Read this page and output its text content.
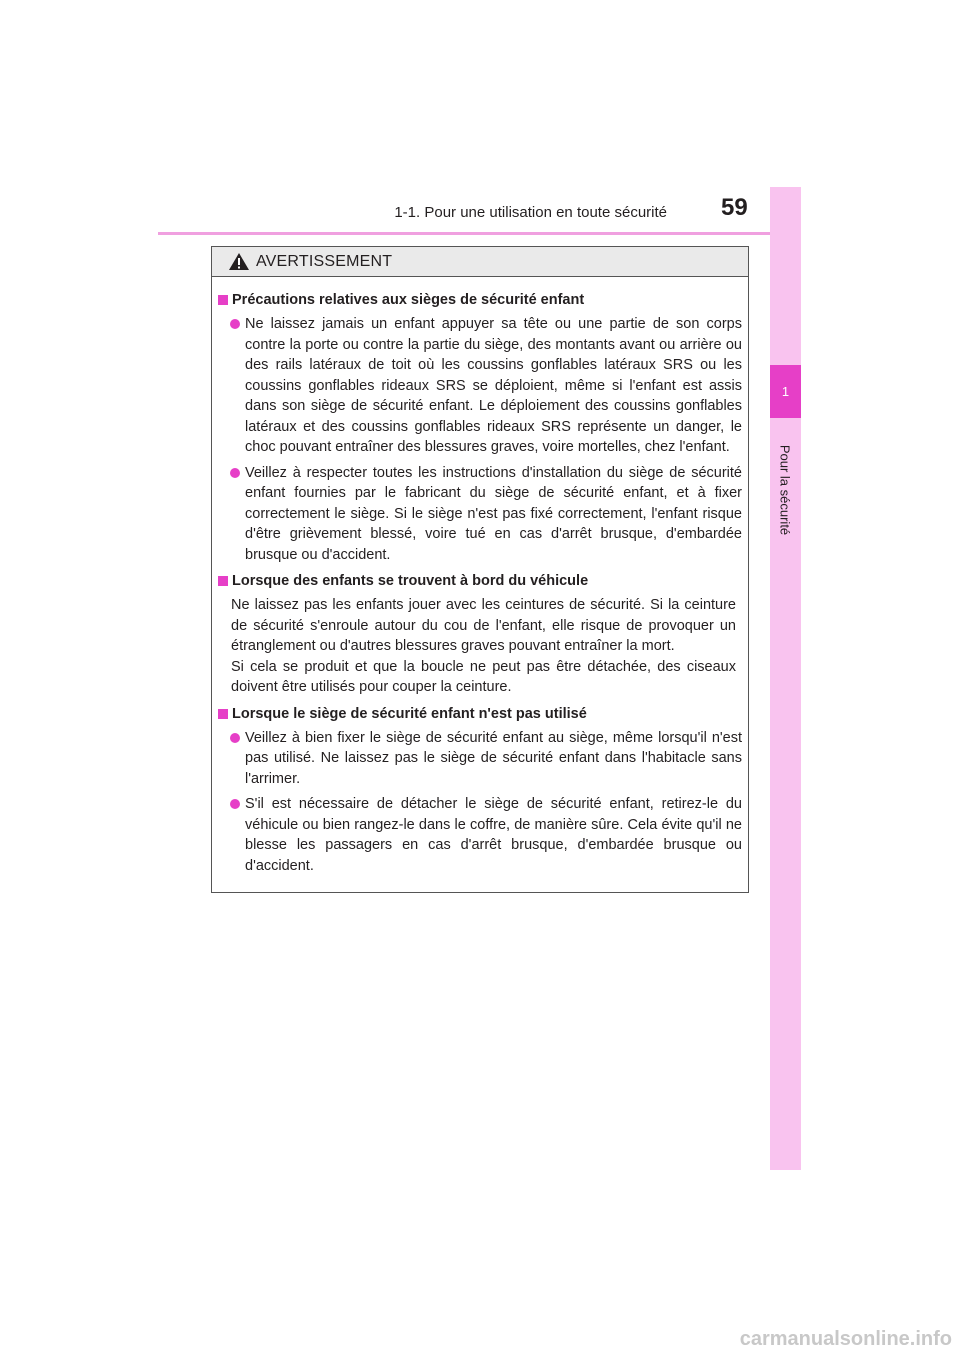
1-1. Pour une utilisation en toute sécurité 59
1
Pour la sécurité
AVERTISSEMENT
Précautions relatives aux sièges de sécurité enfant

Ne laissez jamais un enfant appuyer sa tête ou une partie de son corps contre la porte ou contre la partie du siège, des montants avant ou arrière ou des rails latéraux de toit où les coussins gonflables latéraux SRS ou les coussins gonflables rideaux SRS se déploient, même si l'enfant est assis dans son siège de sécurité enfant. Le déploiement des coussins gonflables latéraux et des coussins gonflables rideaux SRS représente un danger, le choc pouvant entraîner des blessures graves, voire mortelles, chez l'enfant.

Veillez à respecter toutes les instructions d'installation du siège de sécurité enfant fournies par le fabricant du siège de sécurité enfant, et à fixer correctement le siège. Si le siège n'est pas fixé correctement, l'enfant risque d'être grièvement blessé, voire tué en cas d'arrêt brusque, d'embardée brusque ou d'accident.

Lorsque des enfants se trouvent à bord du véhicule

Ne laissez pas les enfants jouer avec les ceintures de sécurité. Si la ceinture de sécurité s'enroule autour du cou de l'enfant, elle risque de provoquer un étranglement ou d'autres blessures graves pouvant entraîner la mort.

Si cela se produit et que la boucle ne peut pas être détachée, des ciseaux doivent être utilisés pour couper la ceinture.

Lorsque le siège de sécurité enfant n'est pas utilisé

Veillez à bien fixer le siège de sécurité enfant au siège, même lorsqu'il n'est pas utilisé. Ne laissez pas le siège de sécurité enfant dans l'habitacle sans l'arrimer.

S'il est nécessaire de détacher le siège de sécurité enfant, retirez-le du véhicule ou bien rangez-le dans le coffre, de manière sûre. Cela évite qu'il ne blesse les passagers en cas d'arrêt brusque, d'embardée brusque ou d'accident.

carmanualsonline.info
